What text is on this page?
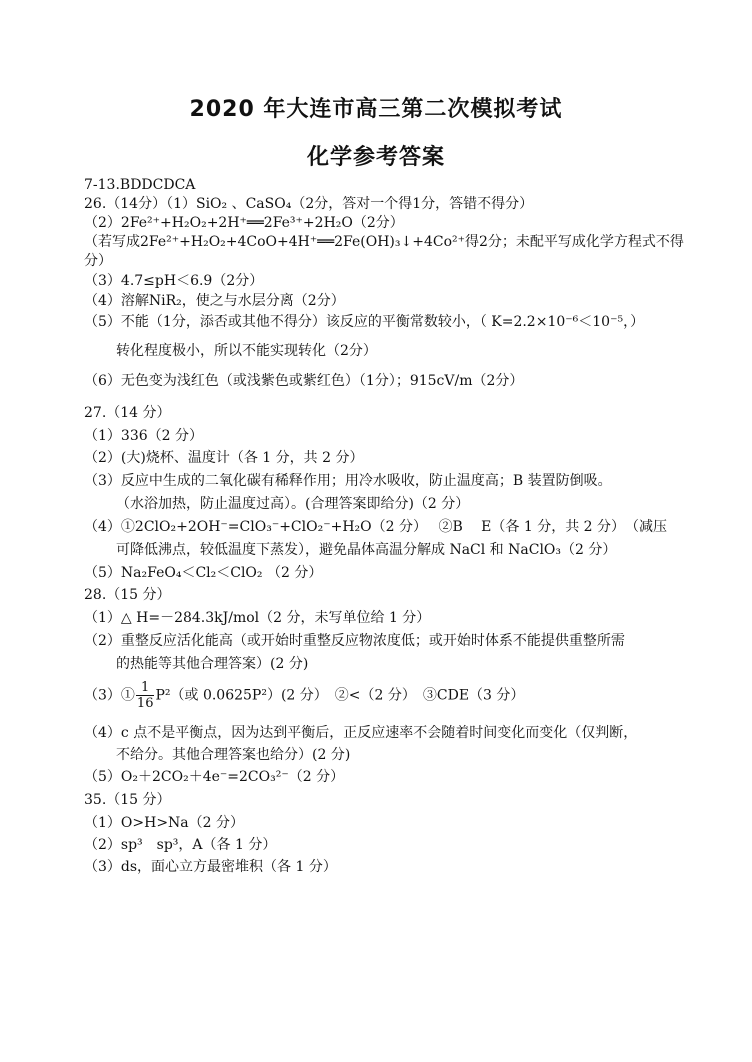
2020 年大连市高三第二次模拟考试
化学参考答案
7-13.BDDCDCA
26.（14分）（1）SiO₂ 、CaSO₄（2分，答对一个得1分，答错不得分）
（2）2Fe²⁺+H₂O₂+2H⁺══2Fe³⁺+2H₂O（2分）
（若写成2Fe²⁺+H₂O₂+4CoO+4H⁺══2Fe(OH)₃↓+4Co²⁺得2分；未配平写成化学方程式不得
分）
（3）4.7≤pH＜6.9（2分）
（4）溶解NiR₂，使之与水层分离（2分）
（5）不能（1分，添否或其他不得分）该反应的平衡常数较小，（ K=2.2×10⁻⁶＜10⁻⁵，）
转化程度极小，所以不能实现转化（2分）
（6）无色变为浅红色（或浅紫色或紫红色）（1分）；915cV/m（2分）
27.（14 分）
（1）336（2 分）
（2）(大)烧杯、温度计（各 1 分，共 2 分）
（3）反应中生成的二氧化碳有稀释作用；用冷水吸收，防止温度高；B 装置防倒吸。
（水浴加热，防止温度过高）。(合理答案即给分)（2 分）
（4）①2ClO₂+2OH⁻=ClO₃⁻+ClO₂⁻+H₂O（2 分）　 ②B　 E（各 1 分，共 2 分）　（减压
可降低沸点，较低温度下蒸发），避免晶体高温分解成 NaCl 和 NaClO₃（2 分）
（5）Na₂FeO₄＜Cl₂＜ClO₂ （2 分）
28.（15 分）
（1）△ H=－284.3kJ/mol（2 分，未写单位给 1 分）
（2）重整反应活化能高（或开始时重整反应物浓度低；或开始时体系不能提供重整所需
的热能等其他合理答案）(2 分)
（3）① $\frac{1}{16} P^2$（或 0.0625P²）(2 分）　②<（2 分）　③CDE（3 分）
（4）c 点不是平衡点，因为达到平衡后，正反应速率不会随着时间变化而变化（仅判断，
不给分。其他合理答案也给分）(2 分)
（5）O₂＋2CO₂＋4e⁻=2CO₃²⁻（2 分）
35.（15 分）
（1）O>H>Na（2 分）
（2）sp³　sp³，A（各 1 分）
（3）ds，面心立方最密堆积（各 1 分）
